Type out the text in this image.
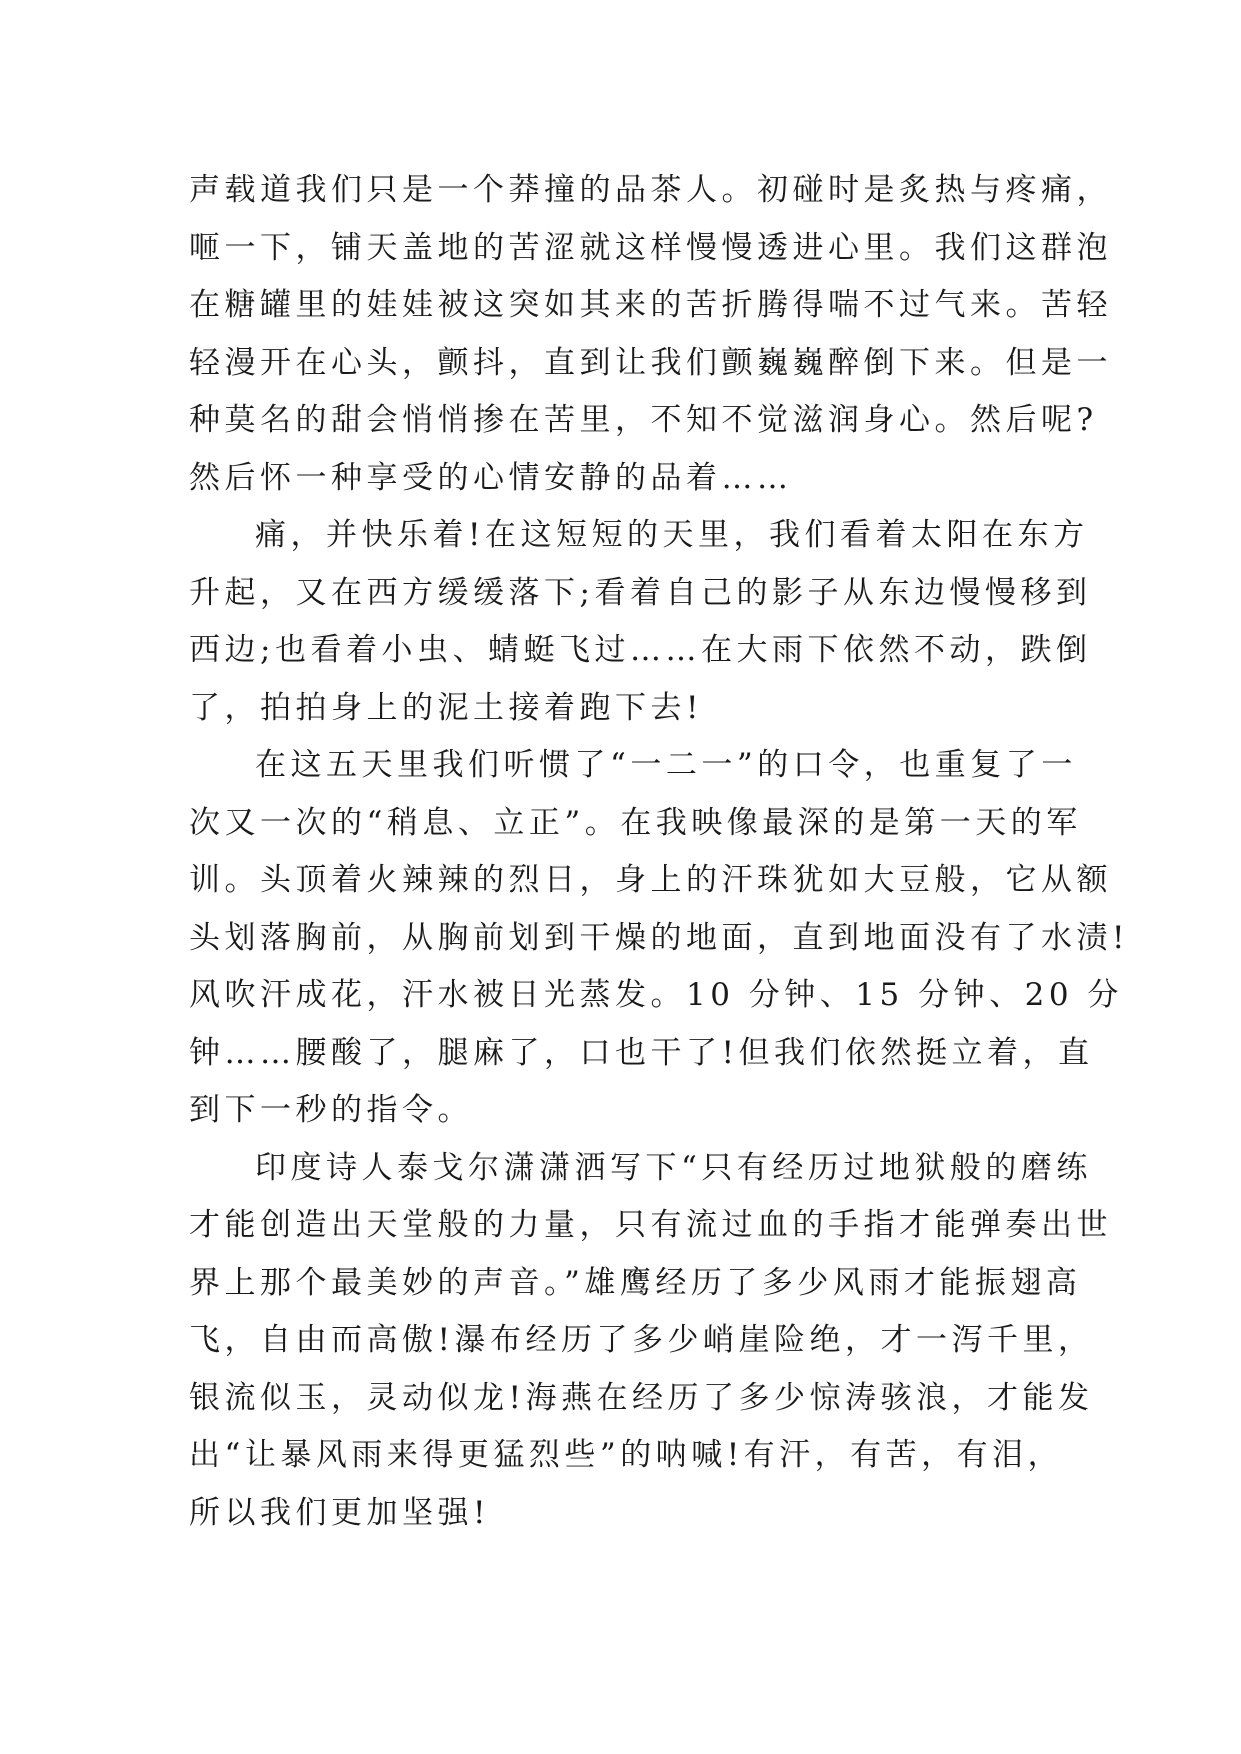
声载道我们只是一个莽撞的品茶人。初碰时是炙热与疼痛，
咂一下，铺天盖地的苦涩就这样慢慢透进心里。我们这群泡
在糖罐里的娃娃被这突如其来的苦折腾得喘不过气来。苦轻
轻漫开在心头，颤抖，直到让我们颤巍巍醉倒下来。但是一
种莫名的甜会悄悄掺在苦里，不知不觉滋润身心。然后呢?
然后怀一种享受的心情安静的品着……
痛，并快乐着!在这短短的天里，我们看着太阳在东方
升起，又在西方缓缓落下;看着自己的影子从东边慢慢移到
西边;也看着小虫、蜻蜓飞过……在大雨下依然不动，跌倒
了，拍拍身上的泥土接着跑下去!
在这五天里我们听惯了“一二一”的口令，也重复了一
次又一次的“稍息、立正”。在我映像最深的是第一天的军
训。头顶着火辣辣的烈日，身上的汗珠犹如大豆般，它从额
头划落胸前，从胸前划到干燥的地面，直到地面没有了水渍!
风吹汗成花，汗水被日光蒸发。10 分钟、15 分钟、20 分
钟……腰酸了，腿麻了，口也干了!但我们依然挺立着，直
到下一秒的指令。
印度诗人泰戈尔潇潇洒写下“只有经历过地狱般的磨练
才能创造出天堂般的力量，只有流过血的手指才能弹奏出世
界上那个最美妙的声音。”雄鹰经历了多少风雨才能振翅高
飞，自由而高傲!瀑布经历了多少峭崖险绝，才一泻千里，
银流似玉，灵动似龙!海燕在经历了多少惊涛骇浪，才能发
出“让暴风雨来得更猛烈些”的呐喊!有汗，有苦，有泪，
所以我们更加坚强!
